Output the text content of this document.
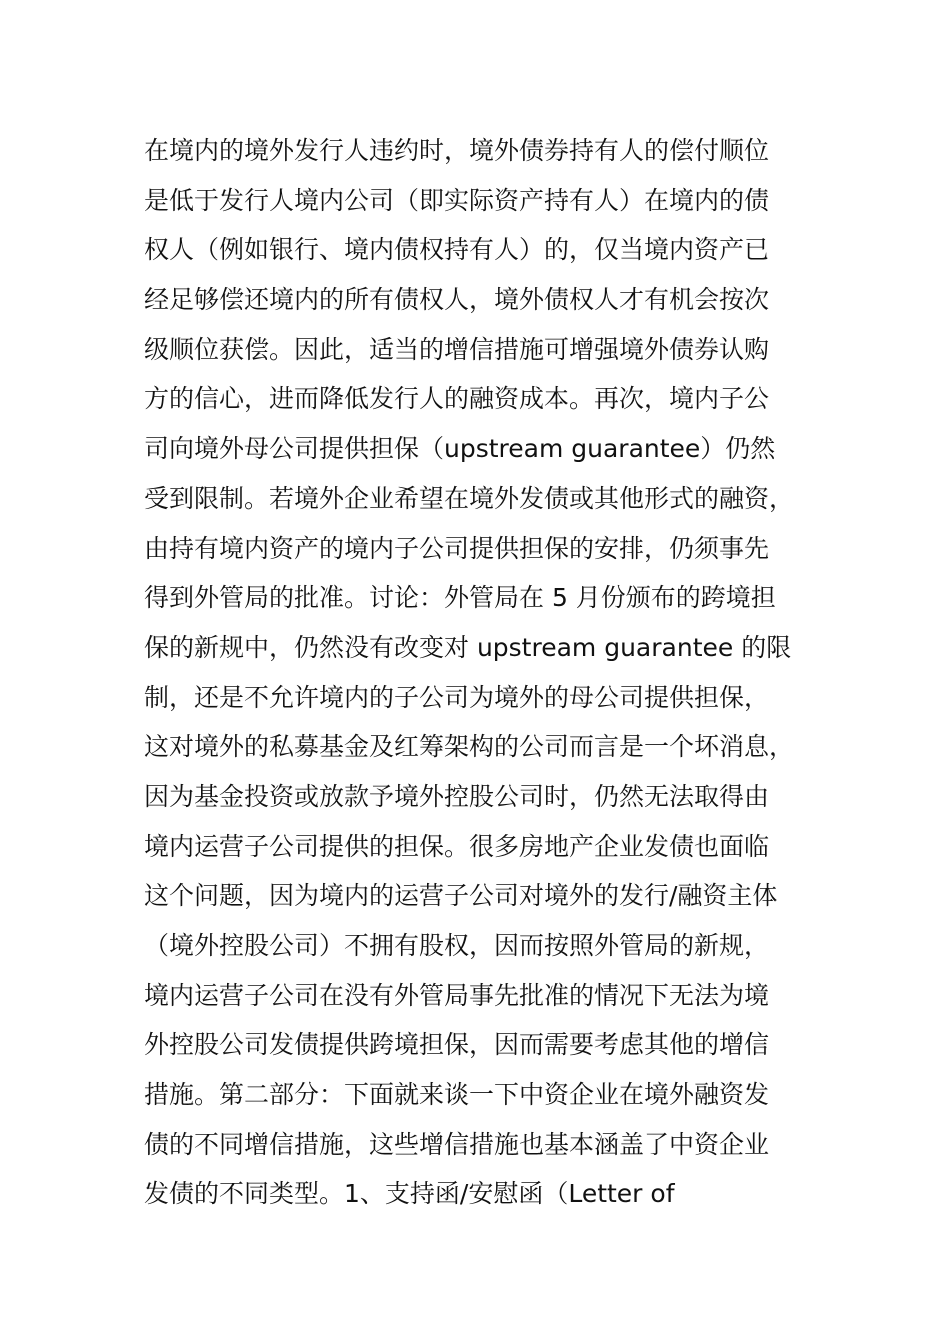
在境内的境外发行人违约时，境外债券持有人的偿付顺位
是低于发行人境内公司（即实际资产持有人）在境内的债
权人（例如银行、境内债权持有人）的，仅当境内资产已
经足够偿还境内的所有债权人，境外债权人才有机会按次
级顺位获偿。因此，适当的增信措施可增强境外债券认购
方的信心，进而降低发行人的融资成本。再次，境内子公
司向境外母公司提供担保（upstream guarantee）仍然
受到限制。若境外企业希望在境外发债或其他形式的融资，
由持有境内资产的境内子公司提供担保的安排，仍须事先
得到外管局的批准。讨论：外管局在 5 月份颁布的跨境担
保的新规中，仍然没有改变对 upstream guarantee 的限
制，还是不允许境内的子公司为境外的母公司提供担保，
这对境外的私募基金及红筹架构的公司而言是一个坏消息，
因为基金投资或放款予境外控股公司时，仍然无法取得由
境内运营子公司提供的担保。很多房地产企业发债也面临
这个问题，因为境内的运营子公司对境外的发行/融资主体
（境外控股公司）不拥有股权，因而按照外管局的新规，
境内运营子公司在没有外管局事先批准的情况下无法为境
外控股公司发债提供跨境担保，因而需要考虑其他的增信
措施。第二部分：下面就来谈一下中资企业在境外融资发
债的不同增信措施，这些增信措施也基本涵盖了中资企业
发债的不同类型。1、支持函/安慰函（Letter of
